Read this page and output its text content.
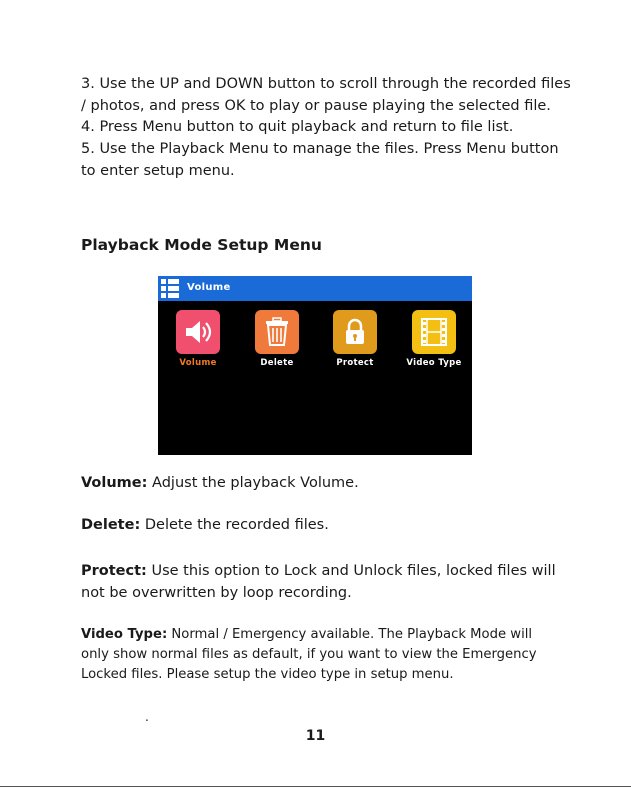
3. Use the UP and DOWN button to scroll through the recorded files / photos, and press OK to play or pause playing the selected file.

4. Press Menu button to quit playback and return to file list.

5. Use the Playback Menu to manage the files. Press Menu button to enter setup menu.

Playback Mode Setup Menu
Volume
Volume	Delete	Protect	Video Type
Volume: Adjust the playback Volume.
Delete: Delete the recorded files.
Protect: Use this option to Lock and Unlock files, locked files will not be overwritten by loop recording.
Video Type: Normal / Emergency available. The Playback Mode will only show normal files as default, if you want to view the Emergency Locked files. Please setup the video type in setup menu.
.
11
